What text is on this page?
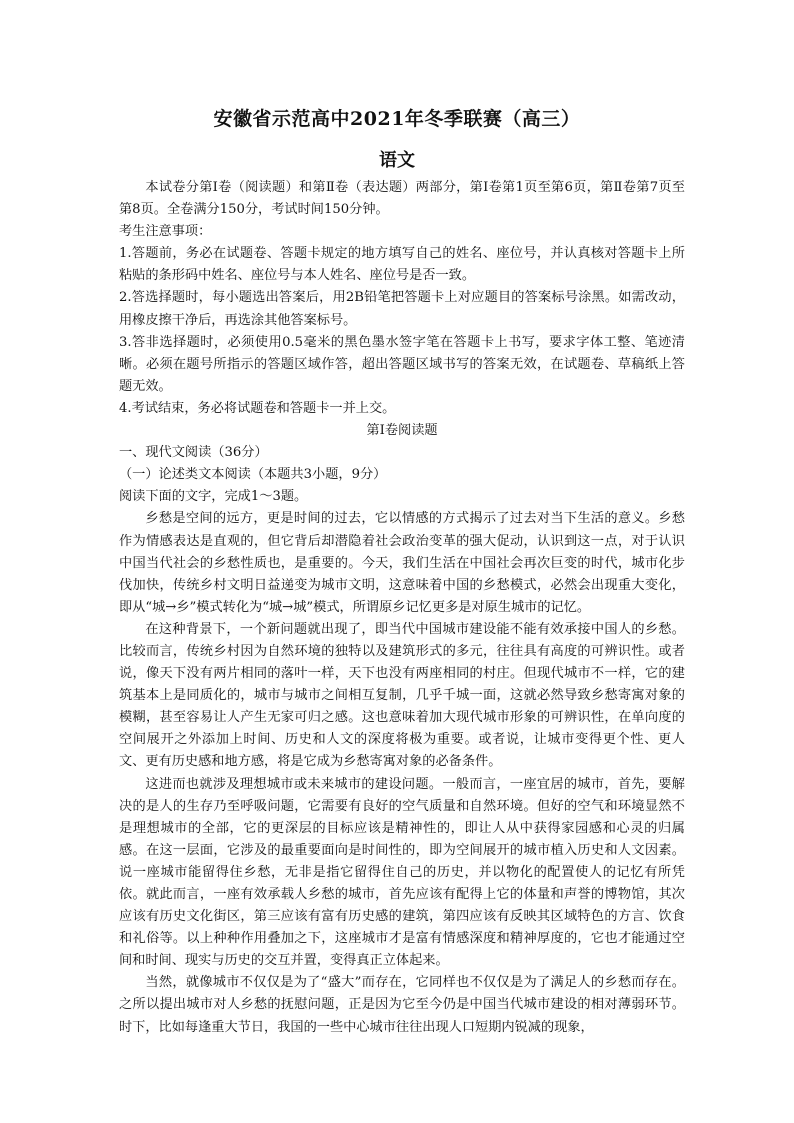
安徽省示范高中2021年冬季联赛（高三）
语文

本试卷分第Ⅰ卷（阅读题）和第Ⅱ卷（表达题）两部分，第Ⅰ卷第1页至第6页，第Ⅱ卷第7页至第8页。全卷满分150分，考试时间150分钟。

考生注意事项：

1.答题前，务必在试题卷、答题卡规定的地方填写自己的姓名、座位号，并认真核对答题卡上所粘贴的条形码中姓名、座位号与本人姓名、座位号是否一致。

2.答选择题时，每小题选出答案后，用2B铅笔把答题卡上对应题目的答案标号涂黑。如需改动，用橡皮擦干净后，再选涂其他答案标号。

3.答非选择题时，必须使用0.5毫米的黑色墨水签字笔在答题卡上书写，要求字体工整、笔迹清晰。必须在题号所指示的答题区域作答，超出答题区域书写的答案无效，在试题卷、草稿纸上答题无效。

4.考试结束，务必将试题卷和答题卡一并上交。

第Ⅰ卷阅读题

一、现代文阅读（36分）

（一）论述类文本阅读（本题共3小题，9分）

阅读下面的文字，完成1～3题。

乡愁是空间的远方，更是时间的过去，它以情感的方式揭示了过去对当下生活的意义。乡愁作为情感表达是直观的，但它背后却潜隐着社会政治变革的强大促动，认识到这一点，对于认识中国当代社会的乡愁性质也，是重要的。今天，我们生活在中国社会再次巨变的时代，城市化步伐加快，传统乡村文明日益递变为城市文明，这意味着中国的乡愁模式，必然会出现重大变化，即从“城→乡”模式转化为“城→城”模式，所谓原乡记忆更多是对原生城市的记忆。

在这种背景下，一个新问题就出现了，即当代中国城市建设能不能有效承接中国人的乡愁。比较而言，传统乡村因为自然环境的独特以及建筑形式的多元，往往具有高度的可辨识性。或者说，像天下没有两片相同的落叶一样，天下也没有两座相同的村庄。但现代城市不一样，它的建筑基本上是同质化的，城市与城市之间相互复制，几乎千城一面，这就必然导致乡愁寄寓对象的模糊，甚至容易让人产生无家可归之感。这也意味着加大现代城市形象的可辨识性，在单向度的空间展开之外添加上时间、历史和人文的深度将极为重要。或者说，让城市变得更个性、更人文、更有历史感和地方感，将是它成为乡愁寄寓对象的必备条件。

这进而也就涉及理想城市或未来城市的建设问题。一般而言，一座宜居的城市，首先，要解决的是人的生存乃至呼吸问题，它需要有良好的空气质量和自然环境。但好的空气和环境显然不是理想城市的全部，它的更深层的目标应该是精神性的，即让人从中获得家园感和心灵的归属感。在这一层面，它涉及的最重要面向是时间性的，即为空间展开的城市植入历史和人文因素。说一座城市能留得住乡愁，无非是指它留得住自己的历史，并以物化的配置使人的记忆有所凭依。就此而言，一座有效承载人乡愁的城市，首先应该有配得上它的体量和声誉的博物馆，其次应该有历史文化街区，第三应该有富有历史感的建筑，第四应该有反映其区域特色的方言、饮食和礼俗等。以上种种作用叠加之下，这座城市才是富有情感深度和精神厚度的，它也才能通过空间和时间、现实与历史的交互并置，变得真正立体起来。

当然，就像城市不仅仅是为了“盛大”而存在，它同样也不仅仅是为了满足人的乡愁而存在。之所以提出城市对人乡愁的抚慰问题，正是因为它至今仍是中国当代城市建设的相对薄弱环节。时下，比如每逢重大节日，我国的一些中心城市往往出现人口短期内锐减的现象，
